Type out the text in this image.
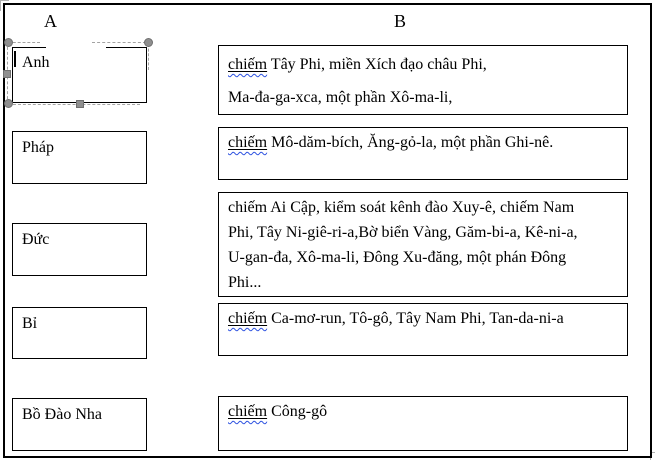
A	B
Anh
Pháp
Đức
Bỉ
Bồ Đào Nha
chiếm Tây Phi, miền Xích đạo châu Phi,
Ma-đa-ga-xca, một phần Xô-ma-li,
chiếm Mô-dăm-bích, Ăng-gỏ-la, một phần Ghi-nê.
chiếm Ai Cập, kiểm soát kênh đào Xuy-ê, chiếm Nam
Phi, Tây Ni-giê-ri-a,Bờ biển Vàng, Găm-bi-a, Kê-ni-a,
U-gan-đa, Xô-ma-li, Đông Xu-đăng, một phán Đông
Phi...
chiếm Ca-mơ-run, Tô-gô, Tây Nam Phi, Tan-da-ni-a
chiếm Công-gô
